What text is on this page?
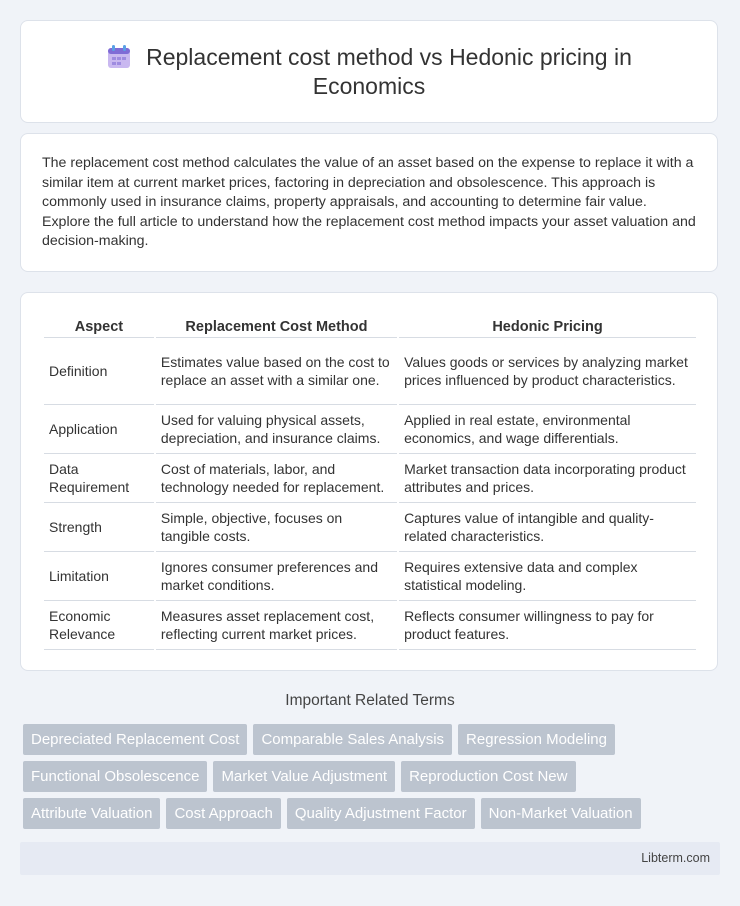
Replacement cost method vs Hedonic pricing in
Economics

The replacement cost method calculates the value of an asset based on the expense to replace it with a similar item at current market prices, factoring in depreciation and obsolescence. This approach is commonly used in insurance claims, property appraisals, and accounting to determine fair value. Explore the full article to understand how the replacement cost method impacts your asset valuation and decision-making.

Aspect	Replacement Cost Method	Hedonic Pricing
Definition	Estimates value based on the cost to replace an asset with a similar one.	Values goods or services by analyzing market prices influenced by product characteristics.
Application	Used for valuing physical assets, depreciation, and insurance claims.	Applied in real estate, environmental economics, and wage differentials.
Data Requirement	Cost of materials, labor, and technology needed for replacement.	Market transaction data incorporating product attributes and prices.
Strength	Simple, objective, focuses on tangible costs.	Captures value of intangible and quality-related characteristics.
Limitation	Ignores consumer preferences and market conditions.	Requires extensive data and complex statistical modeling.
Economic Relevance	Measures asset replacement cost, reflecting current market prices.	Reflects consumer willingness to pay for product features.
Important Related Terms
Depreciated Replacement Cost Comparable Sales Analysis Regression Modeling
Functional Obsolescence Market Value Adjustment Reproduction Cost New
Attribute Valuation Cost Approach Quality Adjustment Factor Non-Market Valuation
Libterm.com
